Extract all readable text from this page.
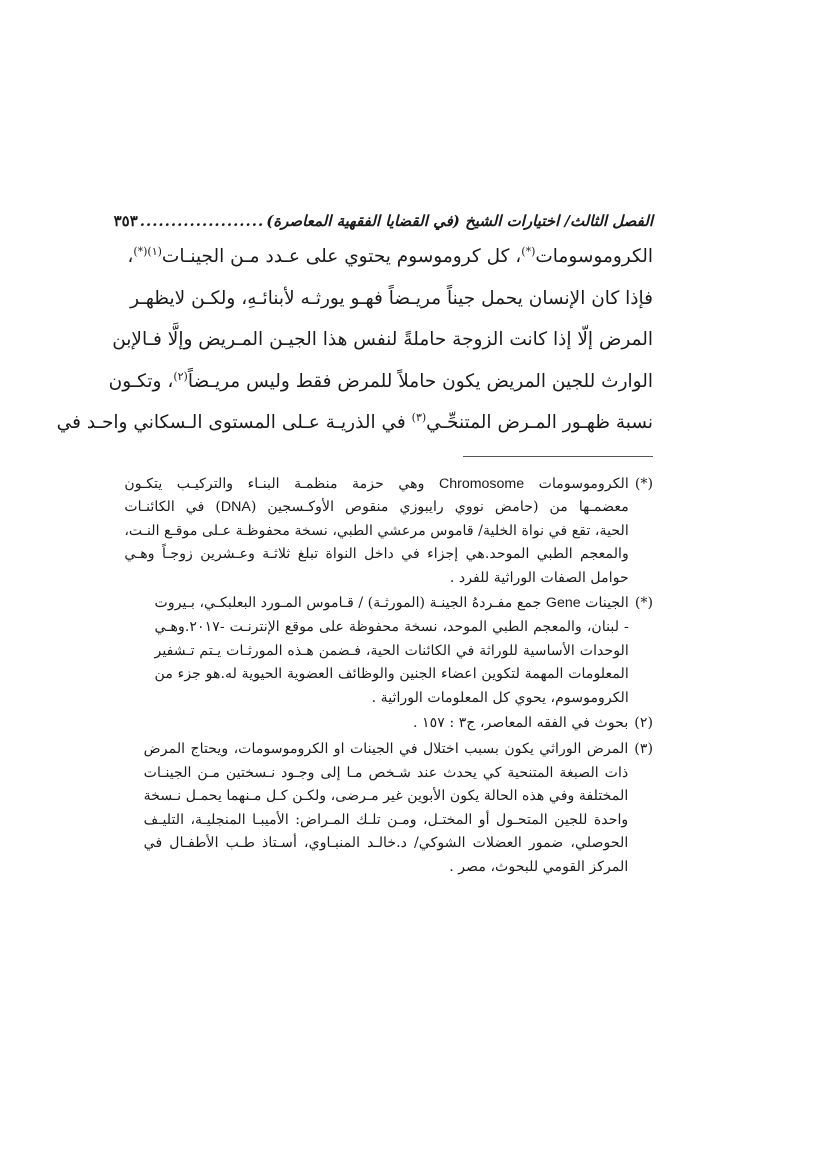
الفصل الثالث/ اختيارات الشيخ (في القضايا الفقهية المعاصرة)
....................
٣٥٣
الكروموسومات(*)، كل كروموسوم يحتوي على عـدد مـن الجينـات$^{(١)(*)}$،
فإذا كان الإنسان يحمل جيناً مريـضاً فهـو يورثـه لأبنائـهِ، ولكـن لايظهـر
المرض إلّا إذا كانت الزوجة حاملةً لنفس هذا الجيـن المـريض وإلَّا فـالإبن
الوارث للجين المريض يكون حاملاً للمرض فقط وليس مريـضاً$^{(٢)}$، وتكـون
نسبة ظهـور المـرض المتنحِّـي$^{(٣)}$ في الذريـة عـلى المستوى الـسكاني واحـد في
(*)
الكروموسومات Chromosome وهي حزمة منظمـة البنـاء والتركيـب يتكـون
معضمـها من (حامض نووي رايبوزي منقوص الأوكـسجين (DNA) في الكائنـات
الحية، تقع في نواة الخلية/ قاموس مرعشي الطبي، نسخة محفوظـة عـلى موقـع النـت،
والمعجم الطبي الموحد.هي إجزاء في داخل النواة تبلغ ثلاثـة وعـشرين زوجـاً وهـي
حوامل الصفات الوراثية للفرد .
(*)
الجينات Gene جمع مفـردهُ الجينـة (المورثـة) / قـاموس المـورد البعلبكـي، بـيروت
- لبنان، والمعجم الطبي الموحد، نسخة محفوظة على موقع الإنترنـت -٢٠١٧.وهـي
الوحدات الأساسية للوراثة في الكائنات الحية، فـضمن هـذه المورثـات يـتم تـشفير
المعلومات المهمة لتكوين اعضاء الجنين والوظائف العضوية الحيوية له.هو جزء من
الكروموسوم، يحوي كل المعلومات الوراثية .
(٢)
بحوث في الفقه المعاصر، ج٣ : ١٥٧ .
(٣)
المرض الوراثي يكون بسبب اختلال في الجينات او الكروموسومات، ويحتاج المرض
ذات الصبغة المتنحية كي يحدث عند شـخص مـا إلى وجـود نـسختين مـن الجينـات
المختلفة وفي هذه الحالة يكون الأبوين غير مـرضى، ولكـن كـل مـنهما يحمـل نـسخة
واحدة للجين المتحـول أو المختـل، ومـن تلـك المـراض: الأميبـا المنجليـة، التليـف
الحوصلي، ضمور العضلات الشوكي/ د.خالـد المنبـاوي، أسـتاذ طـب الأطفـال في
المركز القومي للبحوث، مصر .
